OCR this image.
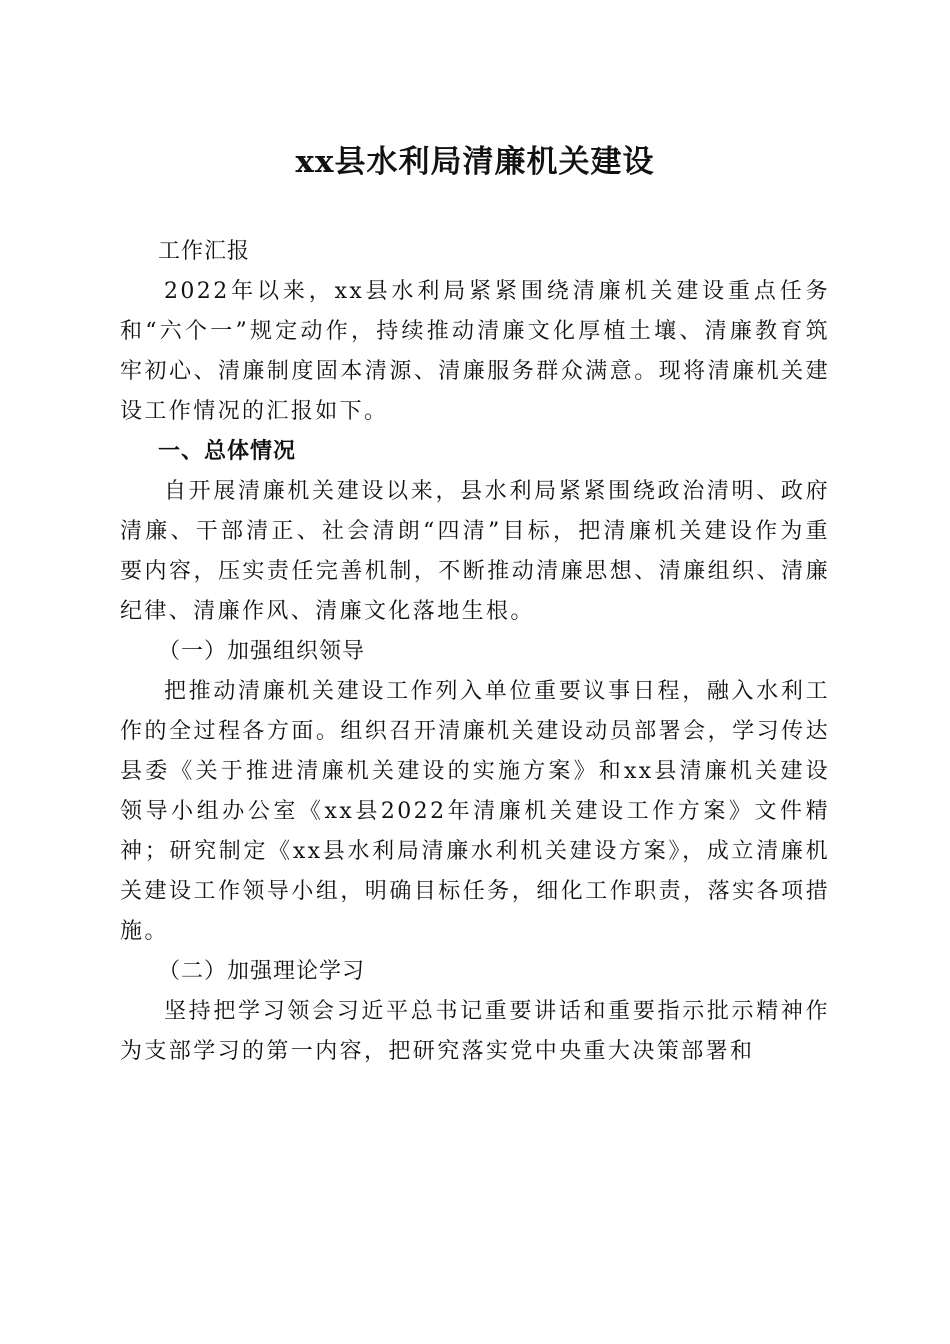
xx县水利局清廉机关建设
工作汇报

2022年以来，xx县水利局紧紧围绕清廉机关建设重点任务和“六个一”规定动作，持续推动清廉文化厚植土壤、清廉教育筑牢初心、清廉制度固本清源、清廉服务群众满意。现将清廉机关建设工作情况的汇报如下。

一、总体情况

自开展清廉机关建设以来，县水利局紧紧围绕政治清明、政府清廉、干部清正、社会清朗“四清”目标，把清廉机关建设作为重要内容，压实责任完善机制，不断推动清廉思想、清廉组织、清廉纪律、清廉作风、清廉文化落地生根。

（一）加强组织领导

把推动清廉机关建设工作列入单位重要议事日程，融入水利工作的全过程各方面。组织召开清廉机关建设动员部署会，学习传达县委《关于推进清廉机关建设的实施方案》和xx县清廉机关建设领导小组办公室《xx县2022年清廉机关建设工作方案》文件精神；研究制定《xx县水利局清廉水利机关建设方案》，成立清廉机关建设工作领导小组，明确目标任务，细化工作职责，落实各项措施。

（二）加强理论学习

坚持把学习领会习近平总书记重要讲话和重要指示批示精神作为支部学习的第一内容，把研究落实党中央重大决策部署和
